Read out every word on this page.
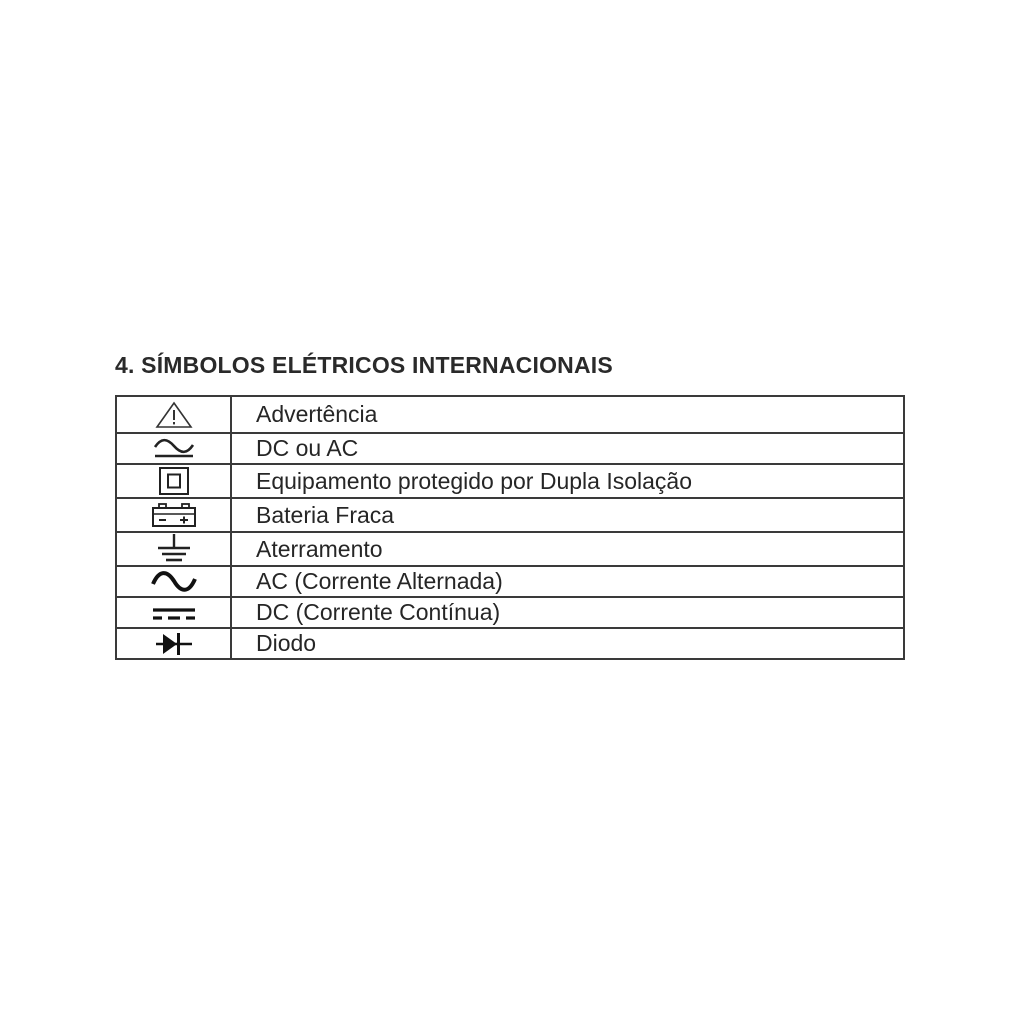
4. SÍMBOLOS ELÉTRICOS INTERNACIONAIS
	Advertência

	DC ou AC

	Equipamento protegido por Dupla Isolação

	Bateria Fraca

	Aterramento

	AC (Corrente Alternada)

	DC (Corrente Contínua)

	Diodo
